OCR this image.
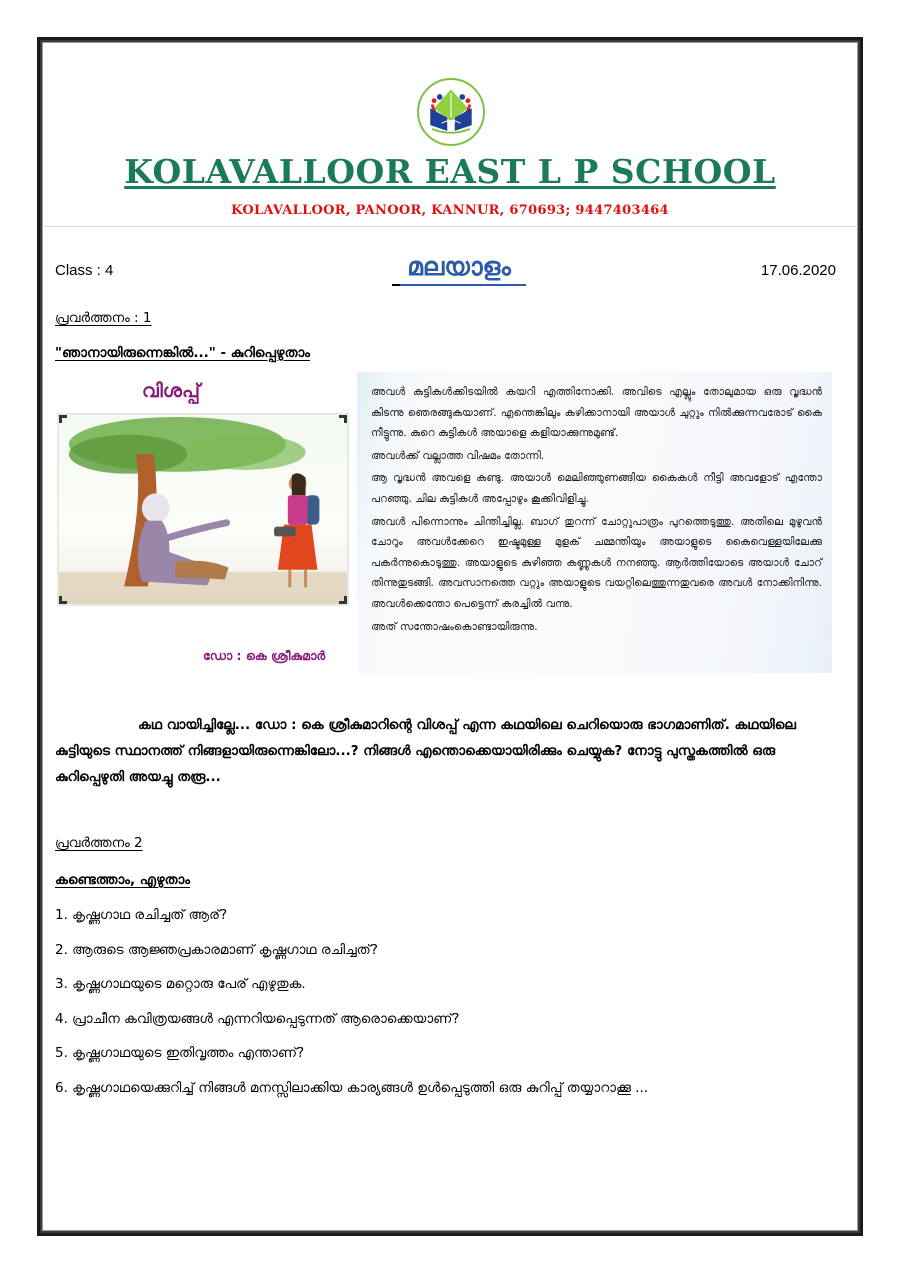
KOLAVALLOOR EAST L P SCHOOL
KOLAVALLOOR, PANOOR, KANNUR, 670693; 9447403464
Class : 4	മലയാളം	17.06.2020
പ്രവർത്തനം : 1
"ഞാനായിരുന്നെങ്കിൽ..." - കുറിപ്പെഴുതാം
വിശപ്പ്
ഡോ : കെ ശ്രീകുമാർ

അവൾ കുട്ടികൾക്കിടയിൽ കയറി എത്തിനോക്കി. അവിടെ എല്ലും തോലുമായ ഒരു വൃദ്ധൻ കിടന്നു ഞെരങ്ങുകയാണ്. എന്തെങ്കിലും കഴിക്കാനായി അയാൾ ചുറ്റും നിൽക്കുന്നവരോട് കൈ നീട്ടുന്നു. കുറെ കുട്ടികൾ അയാളെ കളിയാക്കുന്നുമുണ്ട്.

അവൾക്ക് വല്ലാത്ത വിഷമം തോന്നി.

ആ വൃദ്ധൻ അവളെ കണ്ടു. അയാൾ മെലിഞ്ഞുണങ്ങിയ കൈകൾ നീട്ടി അവളോട് എന്തോ പറഞ്ഞു. ചില കുട്ടികൾ അപ്പോഴും കൂക്കിവിളിച്ചു.

അവൾ പിന്നൊന്നും ചിന്തിച്ചില്ല. ബാഗ് തുറന്ന് ചോറ്റുപാത്രം പുറത്തെടുത്തു. അതിലെ മുഴുവൻ ചോറും അവൾക്കേറെ ഇഷ്ടമുള്ള മുളക് ചമ്മന്തിയും അയാളുടെ കൈവെള്ളയിലേക്കു പകർന്നുകൊടുത്തു. അയാളുടെ കുഴിഞ്ഞ കണ്ണുകൾ നനഞ്ഞു. ആർത്തിയോടെ അയാൾ ചോറ് തിന്നുതുടങ്ങി. അവസാനത്തെ വറ്റും അയാളുടെ വയറ്റിലെത്തുന്നതുവരെ അവൾ നോക്കിനിന്നു. അവൾക്കെന്തോ പെട്ടെന്ന് കരച്ചിൽ വന്നു.

അത് സന്തോഷംകൊണ്ടായിരുന്നു.

കഥ വായിച്ചില്ലേ... ഡോ : കെ ശ്രീകുമാറിന്റെ വിശപ്പ് എന്ന കഥയിലെ ചെറിയൊരു ഭാഗമാണിത്. കഥയിലെ കുട്ടിയുടെ സ്ഥാനത്ത് നിങ്ങളായിരുന്നെങ്കിലോ...? നിങ്ങൾ എന്തൊക്കെയായിരിക്കും ചെയ്യുക? നോട്ടു പുസ്തകത്തിൽ ഒരു കുറിപ്പെഴുതി അയച്ചു തരൂ...
പ്രവർത്തനം 2
കണ്ടെത്താം, എഴുതാം
1. കൃഷ്ണഗാഥ രചിച്ചത് ആര്?
2. ആരുടെ ആജ്ഞപ്രകാരമാണ് കൃഷ്ണഗാഥ രചിച്ചത്?
3. കൃഷ്ണഗാഥയുടെ മറ്റൊരു പേര് എഴുതുക.
4. പ്രാചീന കവിത്രയങ്ങൾ എന്നറിയപ്പെടുന്നത് ആരൊക്കെയാണ്?
5. കൃഷ്ണഗാഥയുടെ ഇതിവൃത്തം എന്താണ്?
6. കൃഷ്ണഗാഥയെക്കുറിച്ച് നിങ്ങൾ മനസ്സിലാക്കിയ കാര്യങ്ങൾ ഉൾപ്പെടുത്തി ഒരു കുറിപ്പ് തയ്യാറാക്കൂ ...
